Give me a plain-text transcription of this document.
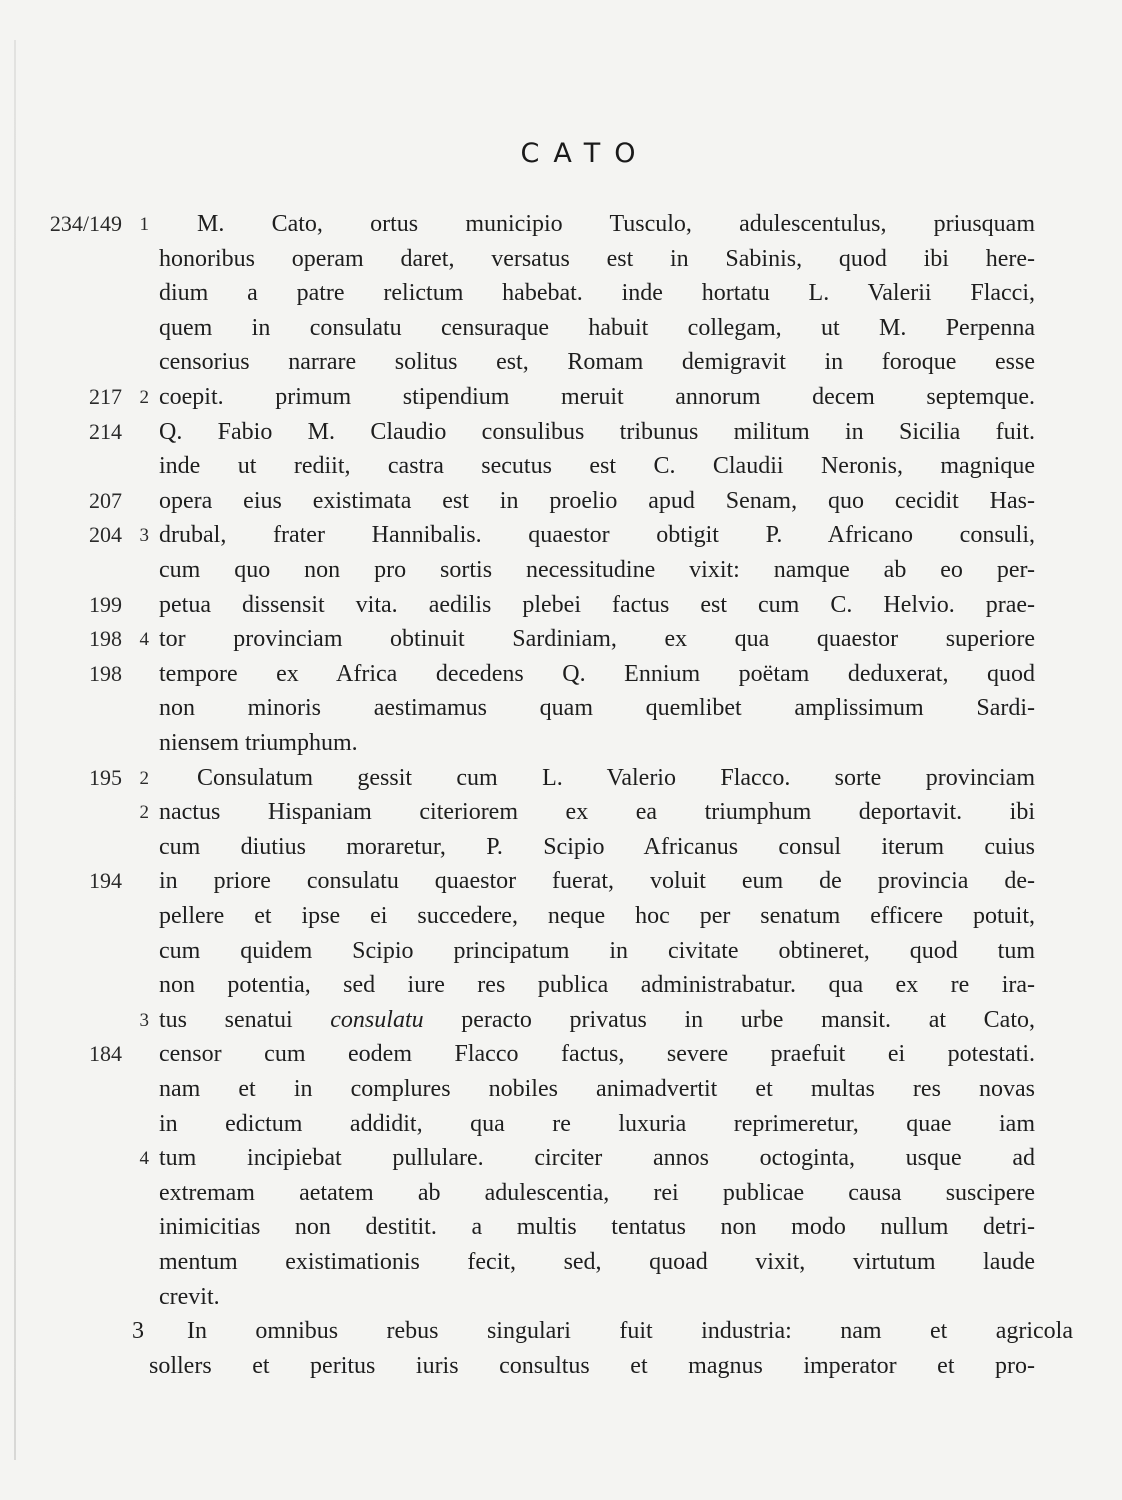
CATO
234/149 1	M. Cato, ortus municipio Tusculo, adulescentulus, priusquam
honoribus operam daret, versatus est in Sabinis, quod ibi here-
dium a patre relictum habebat. inde hortatu L. Valerii Flacci,
quem in consulatu censuraque habuit collegam, ut M. Perpenna
censorius narrare solitus est, Romam demigravit in foroque esse
217 2 coepit. primum stipendium meruit annorum decem septemque.
214 Q. Fabio M. Claudio consulibus tribunus militum in Sicilia fuit.
inde ut rediit, castra secutus est C. Claudii Neronis, magnique
207 opera eius existimata est in proelio apud Senam, quo cecidit Has-
204 3 drubal, frater Hannibalis. quaestor obtigit P. Africano consuli,
cum quo non pro sortis necessitudine vixit: namque ab eo per-
199 petua dissensit vita. aedilis plebei factus est cum C. Helvio. prae-
198 4 tor provinciam obtinuit Sardiniam, ex qua quaestor superiore
198 tempore ex Africa decedens Q. Ennium poëtam deduxerat, quod
non minoris aestimamus quam quemlibet amplissimum Sardi-
niensem triumphum.
195 2	Consulatum gessit cum L. Valerio Flacco. sorte provinciam
2 nactus Hispaniam citeriorem ex ea triumphum deportavit. ibi
cum diutius moraretur, P. Scipio Africanus consul iterum cuius
194 in priore consulatu quaestor fuerat, voluit eum de provincia de-
pellere et ipse ei succedere, neque hoc per senatum efficere potuit,
cum quidem Scipio principatum in civitate obtineret, quod tum
non potentia, sed iure res publica administrabatur. qua ex re ira-
3 tus senatui consulatu peracto privatus in urbe mansit. at Cato,
184 censor cum eodem Flacco factus, severe praefuit ei potestati.
nam et in complures nobiles animadvertit et multas res novas
in edictum addidit, qua re luxuria reprimeretur, quae iam
4 tum incipiebat pullulare. circiter annos octoginta, usque ad
extremam aetatem ab adulescentia, rei publicae causa suscipere
inimicitias non destitit. a multis tentatus non modo nullum detri-
mentum existimationis fecit, sed, quoad vixit, virtutum laude
crevit.
3	In omnibus rebus singulari fuit industria: nam et agricola
sollers et peritus iuris consultus et magnus imperator et pro-
